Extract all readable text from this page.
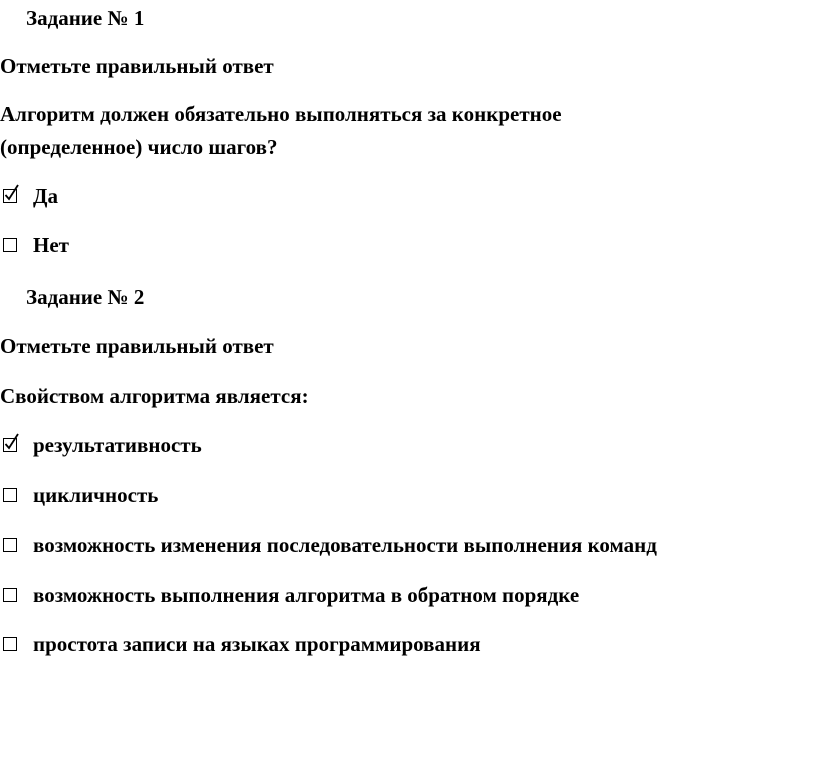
Задание № 1
Отметьте правильный ответ
Алгоритм должен обязательно выполняться за конкретное (определенное) число шагов?
Да
Нет
Задание № 2
Отметьте правильный ответ
Свойством алгоритма является:
результативность
цикличность
возможность изменения последовательности выполнения команд
возможность выполнения алгоритма в обратном порядке
простота записи на языках программирования
